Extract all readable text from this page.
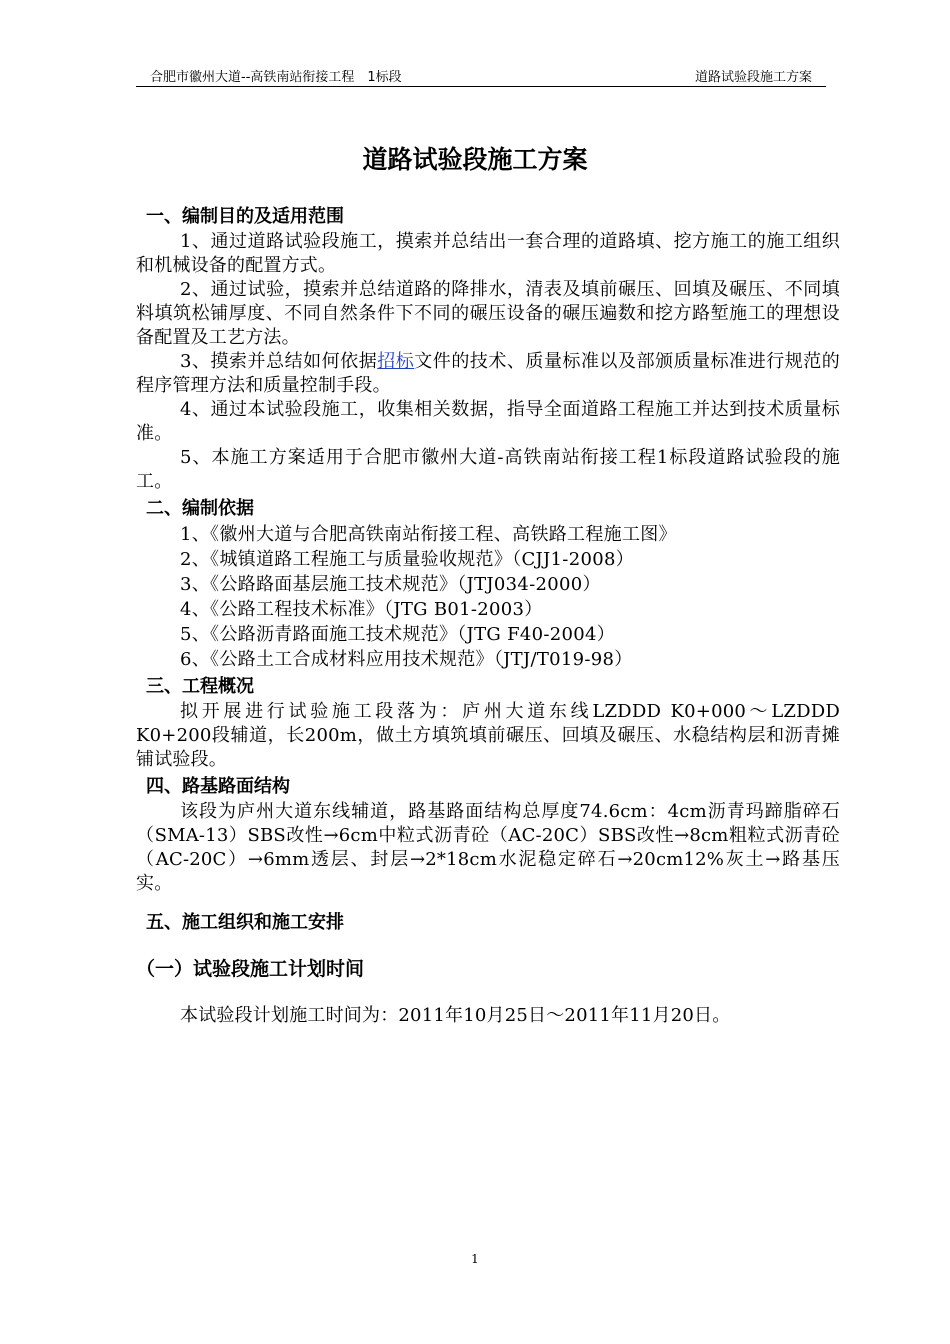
合肥市徽州大道--高铁南站衔接工程　1标段	道路试验段施工方案
道路试验段施工方案
一、编制目的及适用范围

1、通过道路试验段施工，摸索并总结出一套合理的道路填、挖方施工的施工组织和机械设备的配置方式。

2、通过试验，摸索并总结道路的降排水，清表及填前碾压、回填及碾压、不同填料填筑松铺厚度、不同自然条件下不同的碾压设备的碾压遍数和挖方路堑施工的理想设备配置及工艺方法。

3、摸索并总结如何依据招标文件的技术、质量标准以及部颁质量标准进行规范的程序管理方法和质量控制手段。

4、通过本试验段施工，收集相关数据，指导全面道路工程施工并达到技术质量标准。

5、本施工方案适用于合肥市徽州大道-高铁南站衔接工程1标段道路试验段的施工。

二、编制依据
1、《徽州大道与合肥高铁南站衔接工程、高铁路工程施工图》
2、《城镇道路工程施工与质量验收规范》（CJJ1-2008）
3、《公路路面基层施工技术规范》（JTJ034-2000）
4、《公路工程技术标准》（JTG B01-2003）
5、《公路沥青路面施工技术规范》（JTG F40-2004）
6、《公路土工合成材料应用技术规范》（JTJ/T019-98）
三、工程概况

拟开展进行试验施工段落为：庐州大道东线LZDDD K0+000～LZDDD K0+200段辅道，长200m，做土方填筑填前碾压、回填及碾压、水稳结构层和沥青摊铺试验段。

四、路基路面结构

该段为庐州大道东线辅道，路基路面结构总厚度74.6cm：4cm沥青玛蹄脂碎石（SMA-13）SBS改性→6cm中粒式沥青砼（AC-20C）SBS改性→8cm粗粒式沥青砼（AC-20C）→6mm透层、封层→2*18cm水泥稳定碎石→20cm12%灰土→路基压实。

五、施工组织和施工安排
（一）试验段施工计划时间

本试验段计划施工时间为：2011年10月25日～2011年11月20日。

1
